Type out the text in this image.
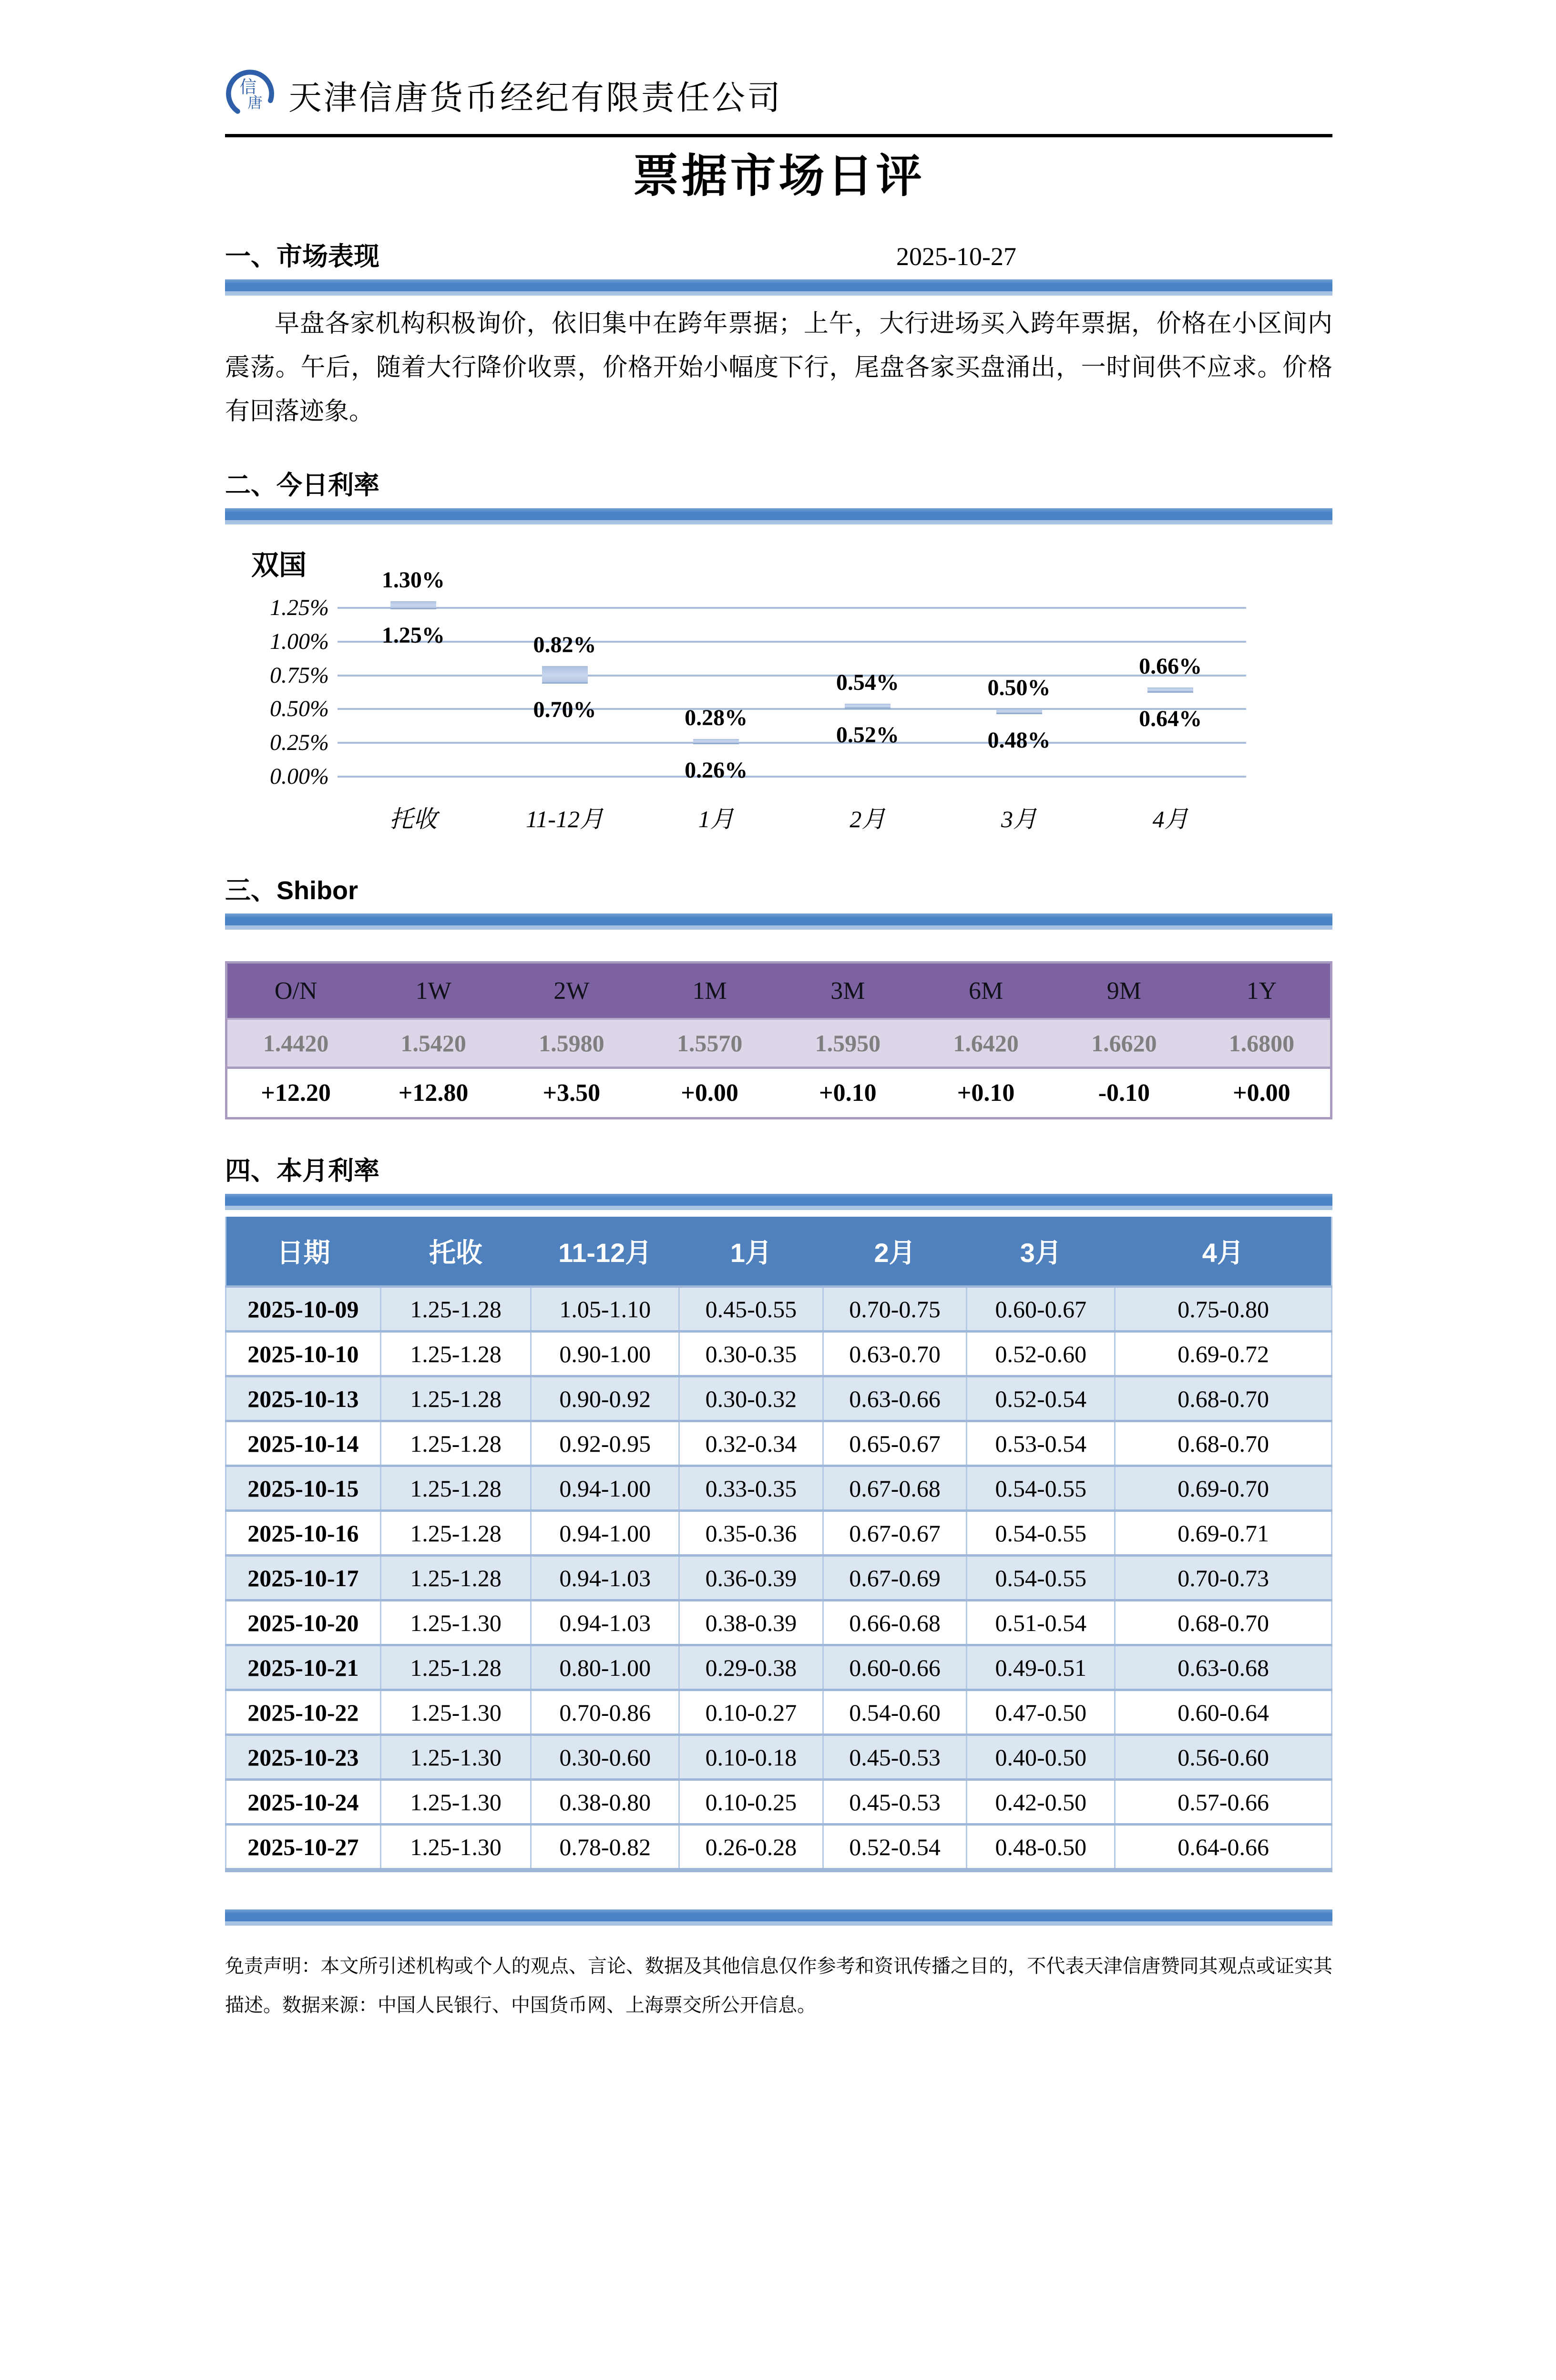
信
唐 天津信唐货币经纪有限责任公司
票据市场日评
一、市场表现	2025-10-27

早盘各家机构积极询价，依旧集中在跨年票据；上午，大行进场买入跨年票据，价格在小区间内震荡。午后，随着大行降价收票，价格开始小幅度下行，尾盘各家买盘涌出，一时间供不应求。价格有回落迹象。

二、今日利率
双国
1.25%
1.00%
0.75%
0.50%
0.25%
0.00%
1.30%
1.25%
托收
0.82%
0.70%
11-12月
0.28%
0.26%
1月
0.54%
0.52%
2月
0.50%
0.48%
3月
0.66%
0.64%
4月
三、Shibor
O/N	1W	2W	1M	3M	6M	9M	1Y
1.4420	1.5420	1.5980	1.5570	1.5950	1.6420	1.6620	1.6800
+12.20	+12.80	+3.50	+0.00	+0.10	+0.10	-0.10	+0.00
四、本月利率
日期	托收	11-12月	1月	2月	3月	4月
2025-10-09	1.25-1.28	1.05-1.10	0.45-0.55	0.70-0.75	0.60-0.67	0.75-0.80
2025-10-10	1.25-1.28	0.90-1.00	0.30-0.35	0.63-0.70	0.52-0.60	0.69-0.72
2025-10-13	1.25-1.28	0.90-0.92	0.30-0.32	0.63-0.66	0.52-0.54	0.68-0.70
2025-10-14	1.25-1.28	0.92-0.95	0.32-0.34	0.65-0.67	0.53-0.54	0.68-0.70
2025-10-15	1.25-1.28	0.94-1.00	0.33-0.35	0.67-0.68	0.54-0.55	0.69-0.70
2025-10-16	1.25-1.28	0.94-1.00	0.35-0.36	0.67-0.67	0.54-0.55	0.69-0.71
2025-10-17	1.25-1.28	0.94-1.03	0.36-0.39	0.67-0.69	0.54-0.55	0.70-0.73
2025-10-20	1.25-1.30	0.94-1.03	0.38-0.39	0.66-0.68	0.51-0.54	0.68-0.70
2025-10-21	1.25-1.28	0.80-1.00	0.29-0.38	0.60-0.66	0.49-0.51	0.63-0.68
2025-10-22	1.25-1.30	0.70-0.86	0.10-0.27	0.54-0.60	0.47-0.50	0.60-0.64
2025-10-23	1.25-1.30	0.30-0.60	0.10-0.18	0.45-0.53	0.40-0.50	0.56-0.60
2025-10-24	1.25-1.30	0.38-0.80	0.10-0.25	0.45-0.53	0.42-0.50	0.57-0.66
2025-10-27	1.25-1.30	0.78-0.82	0.26-0.28	0.52-0.54	0.48-0.50	0.64-0.66

免责声明：本文所引述机构或个人的观点、言论、数据及其他信息仅作参考和资讯传播之目的，不代表天津信唐赞同其观点或证实其描述。数据来源：中国人民银行、中国货币网、上海票交所公开信息。
